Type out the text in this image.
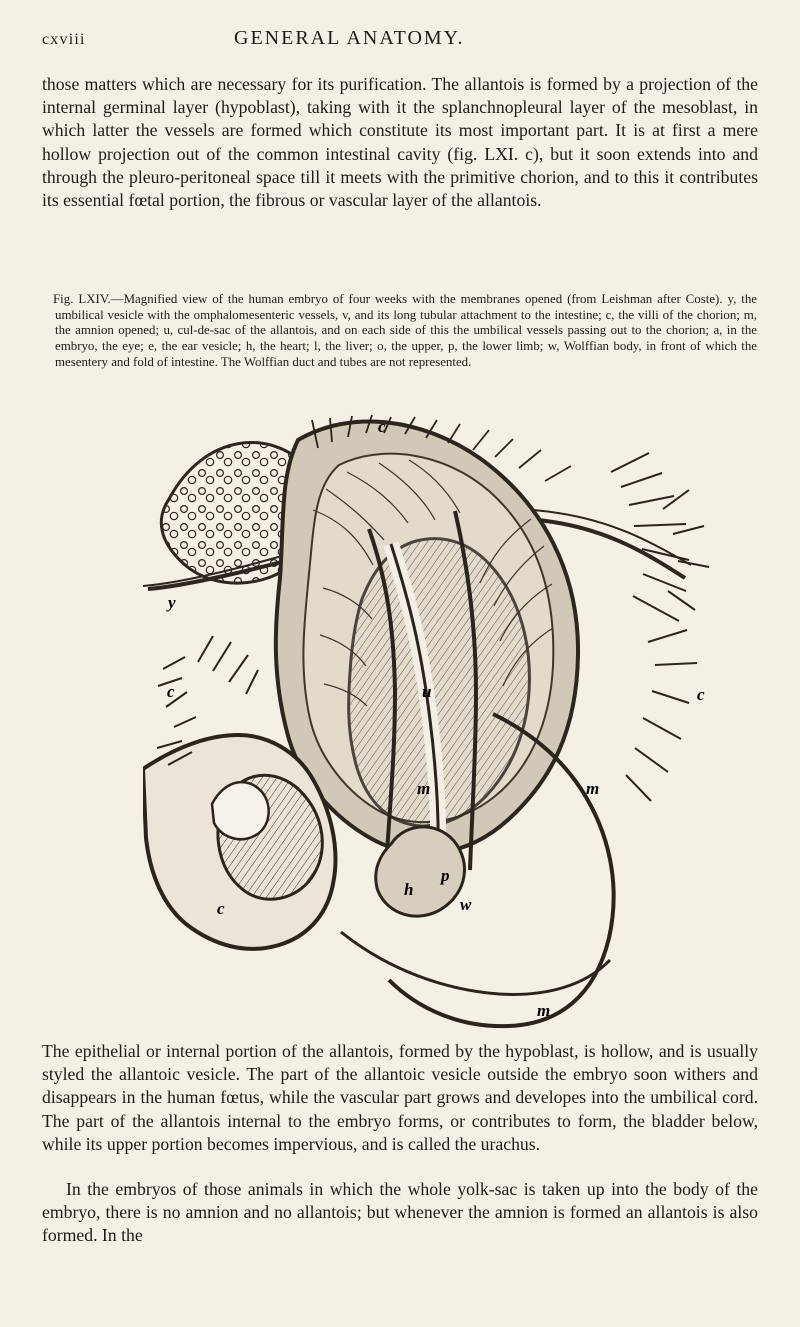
cxviii	GENERAL ANATOMY.

those matters which are necessary for its purification. The allantois is formed by a projection of the internal germinal layer (hypoblast), taking with it the splanchnopleural layer of the mesoblast, in which latter the vessels are formed which constitute its most important part. It is at first a mere hollow projection out of the common intestinal cavity (fig. LXI. c), but it soon extends into and through the pleuro-peritoneal space till it meets with the primitive chorion, and to this it contributes its essential fœtal portion, the fibrous or vascular layer of the allantois.

Fig. LXIV.—Magnified view of the human embryo of four weeks with the membranes opened (from Leishman after Coste). y, the umbilical vesicle with the omphalomesenteric vessels, v, and its long tubular attachment to the intestine; c, the villi of the chorion; m, the amnion opened; u, cul-de-sac of the allantois, and on each side of this the umbilical vessels passing out to the chorion; a, in the embryo, the eye; e, the ear vesicle; h, the heart; l, the liver; o, the upper, p, the lower limb; w, Wolffian body, in front of which the mesentery and fold of intestine. The Wolffian duct and tubes are not represented.

c
y
c	c
u
m	m
h
p
w
c
m

The epithelial or internal portion of the allantois, formed by the hypoblast, is hollow, and is usually styled the allantoic vesicle. The part of the allantoic vesicle outside the embryo soon withers and disappears in the human fœtus, while the vascular part grows and developes into the umbilical cord. The part of the allantois internal to the embryo forms, or contributes to form, the bladder below, while its upper portion becomes impervious, and is called the urachus.

In the embryos of those animals in which the whole yolk-sac is taken up into the body of the embryo, there is no amnion and no allantois; but whenever the amnion is formed an allantois is also formed. In the
